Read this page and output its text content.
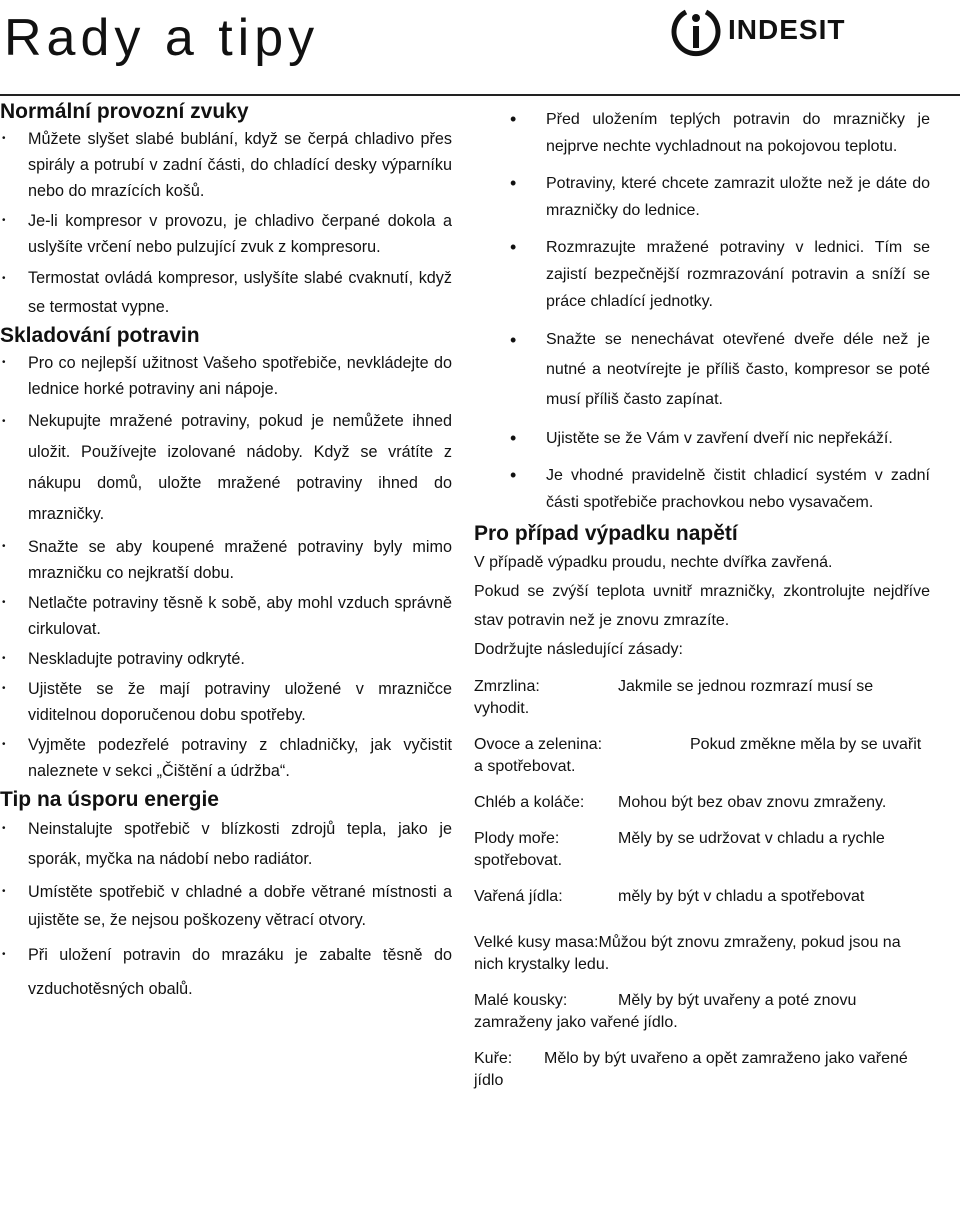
Rady a tipy	INDESIT
Normální provozní zvuky
• Můžete slyšet slabé bublání, když se čerpá chladivo přes spirály a potrubí v zadní části, do chladící desky výparníku nebo do mrazících košů.
• Je-li kompresor v provozu, je chladivo čerpané dokola a uslyšíte vrčení nebo pulzující zvuk z kompresoru.
• Termostat ovládá kompresor, uslyšíte slabé cvaknutí, když se termostat vypne.
Skladování potravin
• Pro co nejlepší užitnost Vašeho spotřebiče, nevkládejte do lednice horké potraviny ani nápoje.
• Nekupujte mražené potraviny, pokud je nemůžete ihned uložit. Používejte izolované nádoby. Když se vrátíte z nákupu domů, uložte mražené potraviny ihned do mrazničky.
• Snažte se aby koupené mražené potraviny byly mimo mrazničku co nejkratší dobu.
• Netlačte potraviny těsně k sobě, aby mohl vzduch správně cirkulovat.
• Neskladujte potraviny odkryté.
• Ujistěte se že mají potraviny uložené v mrazničce viditelnou doporučenou dobu spotřeby.
• Vyjměte podezřelé potraviny z chladničky, jak vyčistit naleznete v sekci „Čištění a údržba“.
Tip na úsporu energie
• Neinstalujte spotřebič v blízkosti zdrojů tepla, jako je sporák, myčka na nádobí nebo radiátor.
• Umístěte spotřebič v chladné a dobře větrané místnosti a ujistěte se, že nejsou poškozeny větrací otvory.
• Při uložení potravin do mrazáku je zabalte těsně do vzduchotěsných obalů.
• Před uložením teplých potravin do mrazničky je nejprve nechte vychladnout na pokojovou teplotu.
• Potraviny, které chcete zamrazit uložte než je dáte do mrazničky do lednice.
• Rozmrazujte mražené potraviny v lednici. Tím se zajistí bezpečnější rozmrazování potravin a sníží se práce chladící jednotky.
• Snažte se nenechávat otevřené dveře déle než je nutné a neotvírejte je příliš často, kompresor se poté musí příliš často zapínat.
• Ujistěte se že Vám v zavření dveří nic nepřekáží.
• Je vhodné pravidelně čistit chladicí systém v zadní části spotřebiče prachovkou nebo vysavačem.
Pro případ výpadku napětí

V případě výpadku proudu, nechte dvířka zavřená.

Pokud se zvýší teplota uvnitř mrazničky, zkontrolujte nejdříve stav potravin než je znovu zmrazíte.

Dodržujte následující zásady:

Zmrzlina:	Jakmile se jednou rozmrazí musí se vyhodit.

Ovoce a zelenina:	Pokud změkne měla by se uvařit a spotřebovat.

Chléb a koláče: Mohou být bez obav znovu zmraženy.

Plody moře:	Měly by se udržovat v chladu a rychle spotřebovat.

Vařená jídla:	měly by být v chladu a spotřebovat

Velké kusy masa:Můžou být znovu zmraženy, pokud jsou na nich krystalky ledu.

Malé kousky:	Měly by být uvařeny a poté znovu zamraženy jako vařené jídlo.

Kuře: Mělo by být uvařeno a opět zamraženo jako vařené jídlo
